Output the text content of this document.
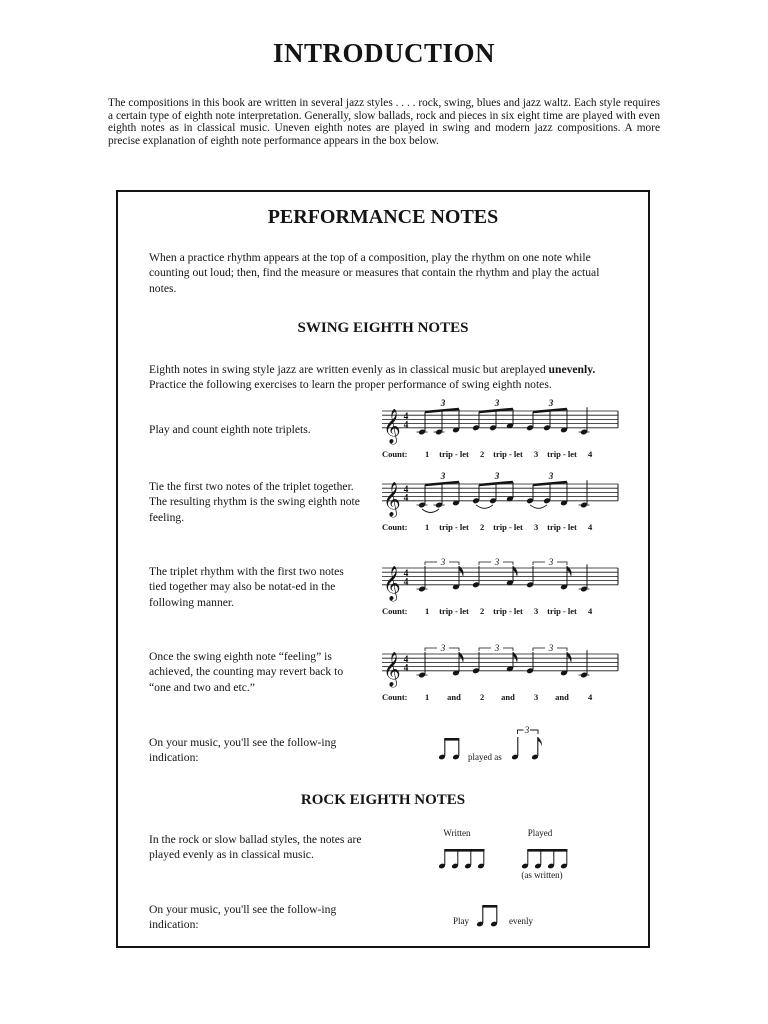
INTRODUCTION

The compositions in this book are written in several jazz styles . . . . rock, swing, blues and jazz waltz. Each style requires a certain type of eighth note interpretation. Generally, slow ballads, rock and pieces in six eight time are played with even eighth notes as in classical music. Uneven eighth notes are played in swing and modern jazz compositions. A more precise explanation of eighth note performance appears in the box below.

PERFORMANCE NOTES

When a practice rhythm appears at the top of a composition, play the rhythm on one note while counting out loud; then, find the measure or measures that contain the rhythm and play the actual notes.

SWING EIGHTH NOTES

Eighth notes in swing style jazz are written evenly as in classical music but areplayed unevenly. Practice the following exercises to learn the proper performance of swing eighth notes.

Play and count eighth note triplets.	𝄞 4
4
3	3	3
Count: 1 trip - let 2 trip - let 3 trip - let 4

Tie the first two notes of the triplet together. The resulting rhythm is the swing eighth note feeling.

𝄞 4
4
3	3	3
Count: 1 trip - let 2 trip - let 3 trip - let 4

The triplet rhythm with the first two notes tied together may also be notat-ed in the following manner.

𝄞 4
4
3	3	3
Count: 1 trip - let 2 trip - let 3 trip - let 4

Once the swing eighth note “feeling” is achieved, the counting may revert back to “one and two and etc.”

𝄞 4
4
3	3	3
Count: 1 and 2 and 3 and 4

On your music, you'll see the follow-ing indication:	played as
3
ROCK EIGHTH NOTES

In the rock or slow ballad styles, the notes are played evenly as in classical music.

Written	Played
(as written)

On your music, you'll see the follow-ing indication:	Play	evenly
